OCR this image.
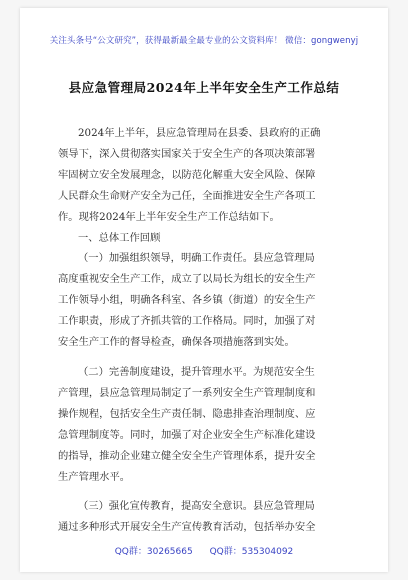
关注头条号“公文研究”，获得最新最全最专业的公文资料库！ 微信：gongwenyj
县应急管理局2024年上半年安全生产工作总结
2024年上半年，县应急管理局在县委、县政府的正确
领导下，深入贯彻落实国家关于安全生产的各项决策部署
牢固树立安全发展理念，以防范化解重大安全风险、保障
人民群众生命财产安全为己任，全面推进安全生产各项工
作。现将2024年上半年安全生产工作总结如下。
一、总体工作回顾
（一）加强组织领导，明确工作责任。县应急管理局
高度重视安全生产工作，成立了以局长为组长的安全生产
工作领导小组，明确各科室、各乡镇（街道）的安全生产
工作职责，形成了齐抓共管的工作格局。同时，加强了对
安全生产工作的督导检查，确保各项措施落到实处。
（二）完善制度建设，提升管理水平。为规范安全生
产管理，县应急管理局制定了一系列安全生产管理制度和
操作规程，包括安全生产责任制、隐患排查治理制度、应
急管理制度等。同时，加强了对企业安全生产标准化建设
的指导，推动企业建立健全安全生产管理体系，提升安全
生产管理水平。
（三）强化宣传教育，提高安全意识。县应急管理局
通过多种形式开展安全生产宣传教育活动，包括举办安全
QQ群：30265665 QQ群：535304092
